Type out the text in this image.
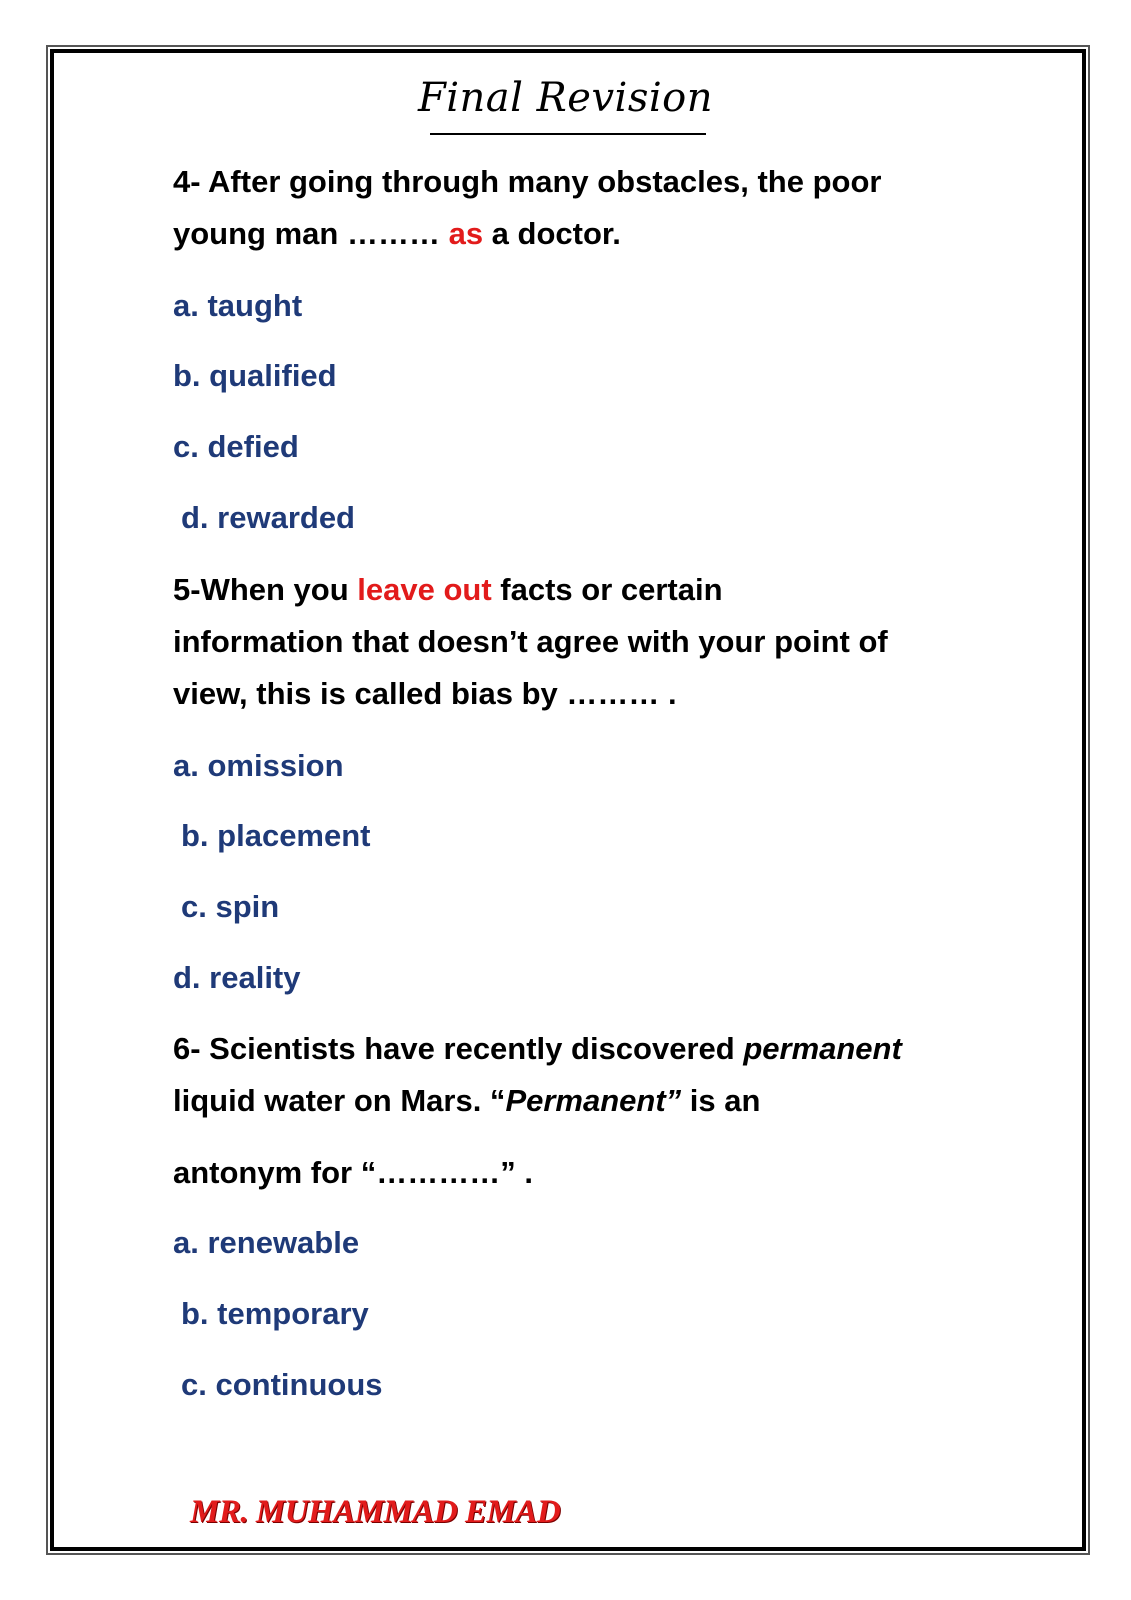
Final Revision
4- After going through many obstacles, the poor
young man ……… as a doctor.
a. taught
b. qualified
c. defied
d. rewarded
5-When you leave out facts or certain
information that doesn’t agree with your point of
view, this is called bias by ……… .
a. omission
b. placement
c. spin
d. reality
6- Scientists have recently discovered permanent
liquid water on Mars. “Permanent” is an
antonym for “…………” .
a. renewable
b. temporary
c. continuous
MR. MUHAMMAD EMAD
